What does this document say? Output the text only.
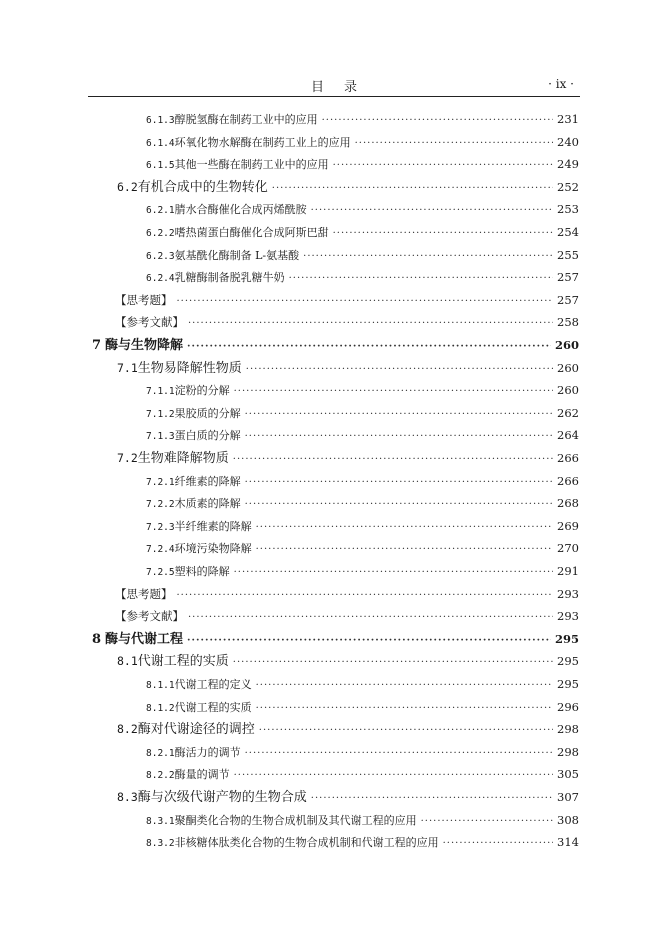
目录	· ix ·
6.1.3 醇脱氢酶在制药工业中的应用 ·····	231
6.1.4 环氧化物水解酶在制药工业上的应用 ·····	240
6.1.5 其他一些酶在制药工业中的应用 ·····	249
6.2 有机合成中的生物转化 ·····	252
6.2.1 腈水合酶催化合成丙烯酰胺 ·····	253
6.2.2 嗜热菌蛋白酶催化合成阿斯巴甜 ·····	254
6.2.3 氨基酰化酶制备 L-氨基酸 ·····	255
6.2.4 乳糖酶制备脱乳糖牛奶 ·····	257
【思考题】 ·····	257
【参考文献】 ·····	258
7 酶与生物降解 ·····	260
7.1 生物易降解性物质 ·····	260
7.1.1 淀粉的分解 ·····	260
7.1.2 果胶质的分解 ·····	262
7.1.3 蛋白质的分解 ·····	264
7.2 生物难降解物质 ·····	266
7.2.1 纤维素的降解 ·····	266
7.2.2 木质素的降解 ·····	268
7.2.3 半纤维素的降解 ·····	269
7.2.4 环境污染物降解 ·····	270
7.2.5 塑料的降解 ·····	291
【思考题】 ·····	293
【参考文献】 ·····	293
8 酶与代谢工程 ·····	295
8.1 代谢工程的实质 ·····	295
8.1.1 代谢工程的定义 ·····	295
8.1.2 代谢工程的实质 ·····	296
8.2 酶对代谢途径的调控 ·····	298
8.2.1 酶活力的调节 ·····	298
8.2.2 酶量的调节 ·····	305
8.3 酶与次级代谢产物的生物合成 ·····	307
8.3.1 聚酮类化合物的生物合成机制及其代谢工程的应用 ·····	308
8.3.2 非核糖体肽类化合物的生物合成机制和代谢工程的应用 ·····	314
